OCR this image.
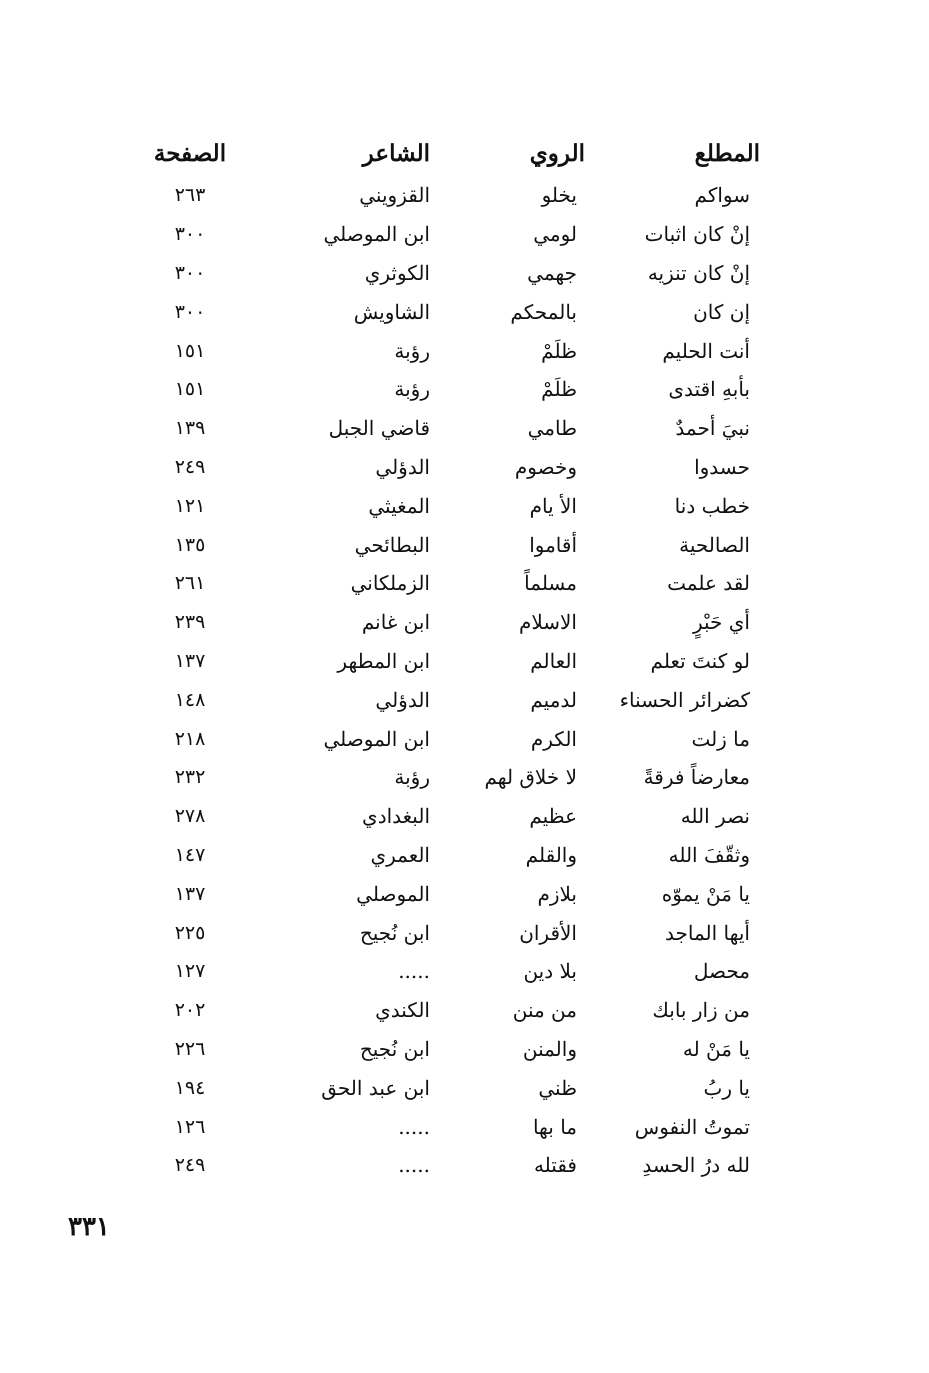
المطلع
الروي
الشاعر
الصفحة
سواكم
يخلو
القزويني
٢٦٣
إنْ كان اثبات
لومي
ابن الموصلي
٣٠٠
إنْ كان تنزيه
جهمي
الكوثري
٣٠٠
إن كان
بالمحكم
الشاويش
٣٠٠
أنت الحليم
ظلَمْ
رؤبة
١٥١
بأبهِ اقتدى
ظلَمْ
رؤبة
١٥١
نبيَ أحمدٌ
طامي
قاضي الجبل
١٣٩
حسدوا
وخصوم
الدؤلي
٢٤٩
خطب دنا
الأ يام
المغيثي
١٢١
الصالحية
أقاموا
البطائحي
١٣٥
لقد علمت
مسلماً
الزملكاني
٢٦١
أي حَبْرٍ
الاسلام
ابن غانم
٢٣٩
لو كنتَ تعلم
العالم
ابن المطهر
١٣٧
كضرائر الحسناء
لدميم
الدؤلي
١٤٨
ما زلت
الكرم
ابن الموصلي
٢١٨
معارضاً فرقةً
لا خلاق لهم
رؤبة
٢٣٢
نصر الله
عظيم
البغدادي
٢٧٨
وثقّفَ الله
والقلم
العمري
١٤٧
يا مَنْ يموّه
بلازم
الموصلي
١٣٧
أيها الماجد
الأقران
ابن نُجيح
٢٢٥
محصل
بلا دين
.....
١٢٧
من زار بابك
من منن
الكندي
٢٠٢
يا مَنْ له
والمنن
ابن نُجيح
٢٢٦
يا ربُ
ظني
ابن عبد الحق
١٩٤
تموتُ النفوس
ما بها
.....
١٢٦
لله درُ الحسدِ
فقتله
.....
٢٤٩
٣٣١
